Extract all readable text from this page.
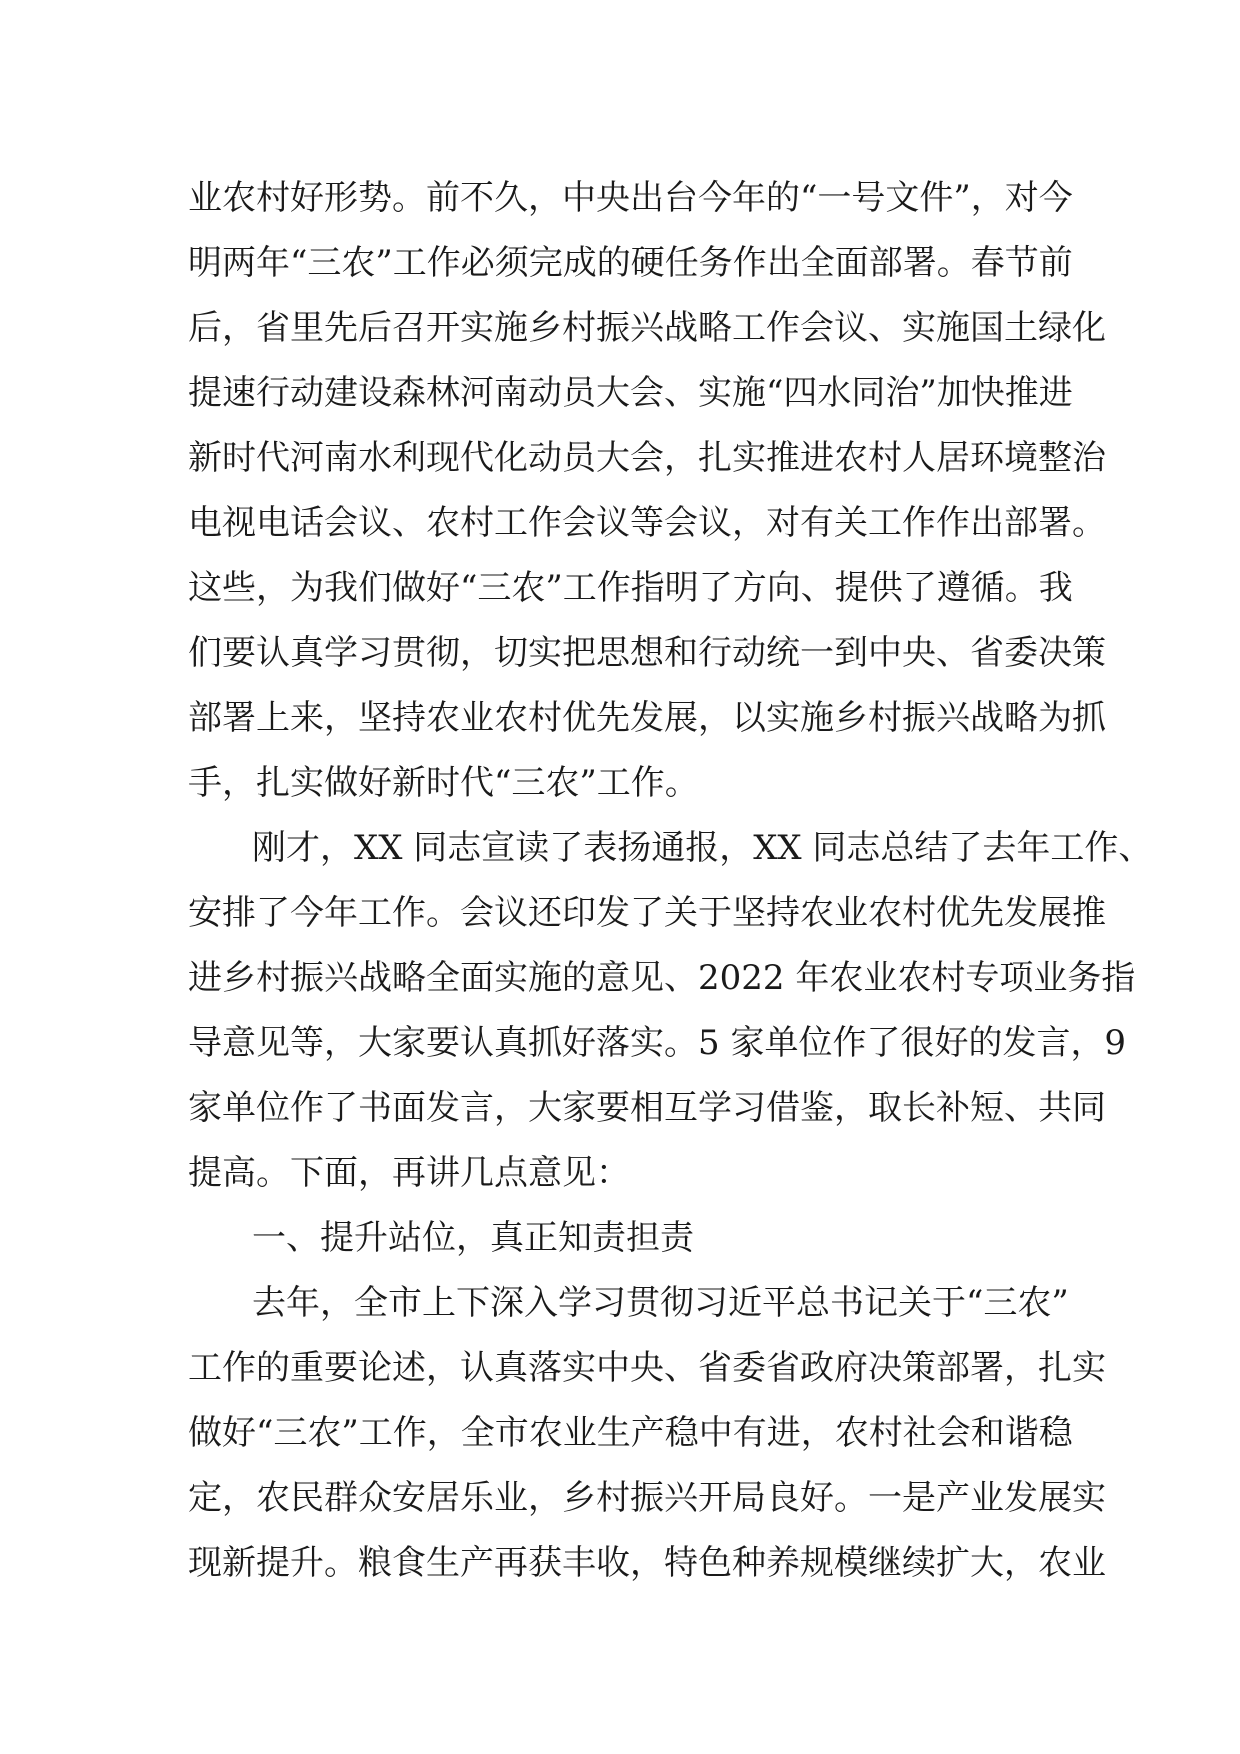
业农村好形势。前不久，中央出台今年的“一号文件”，对今
明两年“三农”工作必须完成的硬任务作出全面部署。春节前
后，省里先后召开实施乡村振兴战略工作会议、实施国土绿化
提速行动建设森林河南动员大会、实施“四水同治”加快推进
新时代河南水利现代化动员大会，扎实推进农村人居环境整治
电视电话会议、农村工作会议等会议，对有关工作作出部署。
这些，为我们做好“三农”工作指明了方向、提供了遵循。我
们要认真学习贯彻，切实把思想和行动统一到中央、省委决策
部署上来，坚持农业农村优先发展，以实施乡村振兴战略为抓
手，扎实做好新时代“三农”工作。
刚才，XX 同志宣读了表扬通报，XX 同志总结了去年工作、
安排了今年工作。会议还印发了关于坚持农业农村优先发展推
进乡村振兴战略全面实施的意见、2022 年农业农村专项业务指
导意见等，大家要认真抓好落实。5 家单位作了很好的发言，9
家单位作了书面发言，大家要相互学习借鉴，取长补短、共同
提高。下面，再讲几点意见：
一、提升站位，真正知责担责
去年，全市上下深入学习贯彻习近平总书记关于“三农”
工作的重要论述，认真落实中央、省委省政府决策部署，扎实
做好“三农”工作，全市农业生产稳中有进，农村社会和谐稳
定，农民群众安居乐业，乡村振兴开局良好。一是产业发展实
现新提升。粮食生产再获丰收，特色种养规模继续扩大，农业
